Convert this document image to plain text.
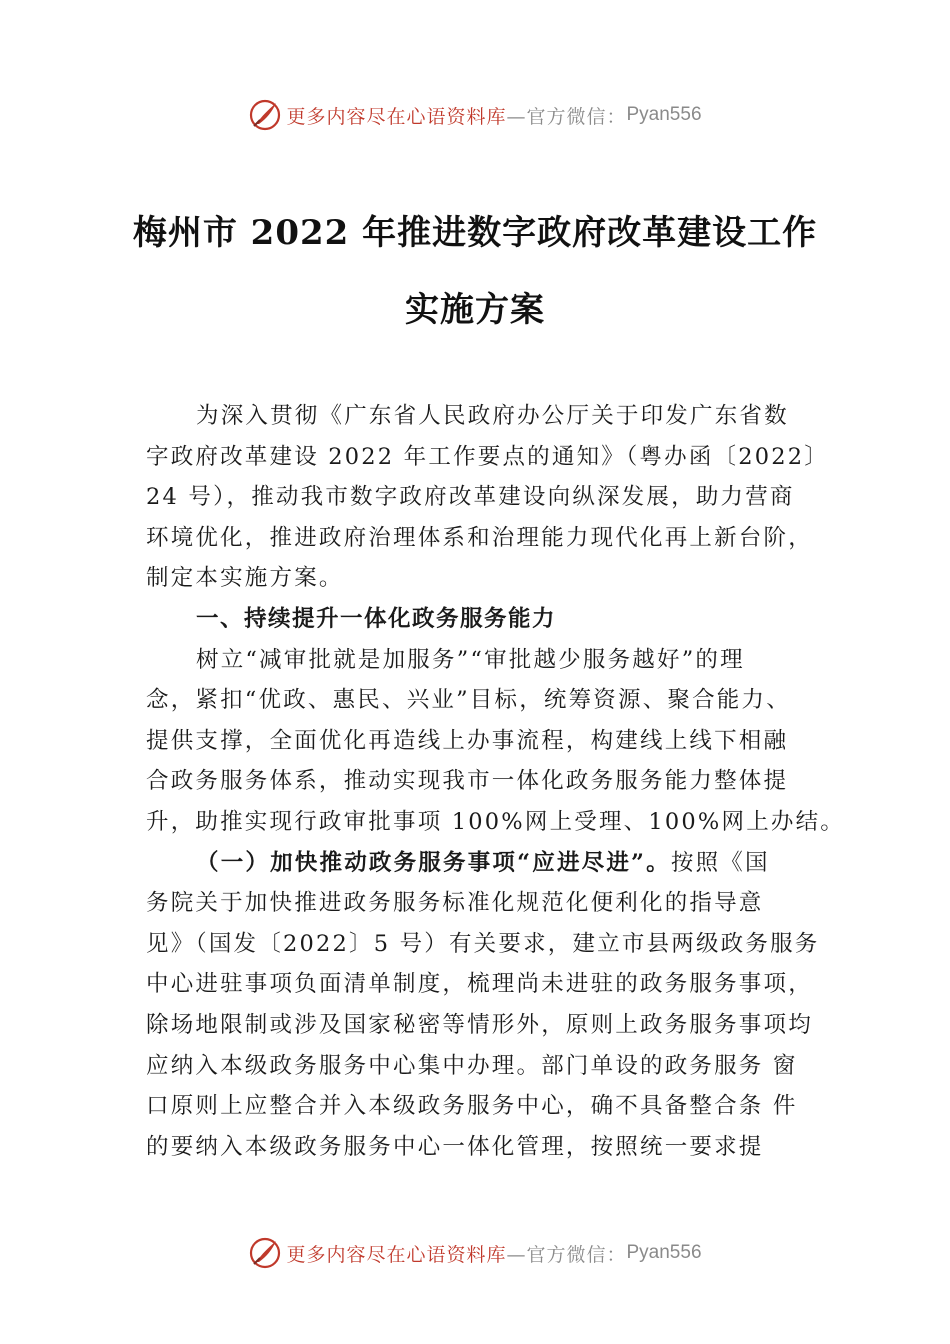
更多内容尽在心语资料库 —官方微信： Pyan556
梅州市 2022 年推进数字政府改革建设工作
实施方案
为深入贯彻《广东省人民政府办公厅关于印发广东省数
字政府改革建设 2022 年工作要点的通知》（粤办函〔2022〕
24 号），推动我市数字政府改革建设向纵深发展，助力营商
环境优化，推进政府治理体系和治理能力现代化再上新台阶，
制定本实施方案。
一、持续提升一体化政务服务能力
树立“减审批就是加服务”“审批越少服务越好”的理
念，紧扣“优政、惠民、兴业”目标，统筹资源、聚合能力、
提供支撑，全面优化再造线上办事流程，构建线上线下相融
合政务服务体系，推动实现我市一体化政务服务能力整体提
升，助推实现行政审批事项 100%网上受理、100%网上办结。
（一）加快推动政务服务事项“应进尽进”。按照《国
务院关于加快推进政务服务标准化规范化便利化的指导意
见》（国发〔2022〕5 号）有关要求，建立市县两级政务服务
中心进驻事项负面清单制度，梳理尚未进驻的政务服务事项，
除场地限制或涉及国家秘密等情形外，原则上政务服务事项均
应纳入本级政务服务中心集中办理。部门单设的政务服务 窗
口原则上应整合并入本级政务服务中心，确不具备整合条 件
的要纳入本级政务服务中心一体化管理，按照统一要求提
更多内容尽在心语资料库 —官方微信： Pyan556
